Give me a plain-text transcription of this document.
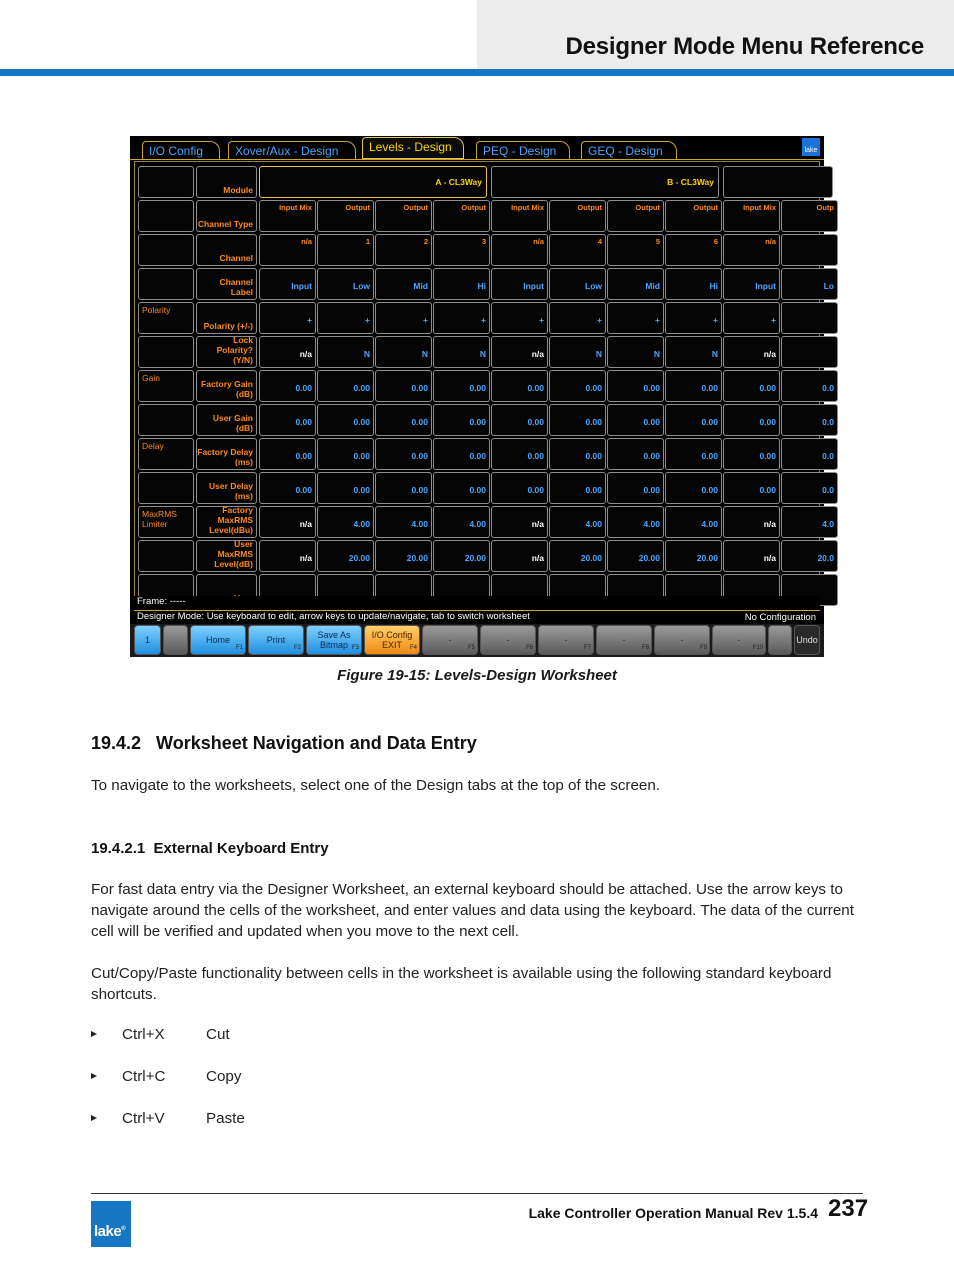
Designer Mode Menu Reference
I/O Config	Xover/Aux - Design	Levels - Design	PEQ - Design	GEQ - Design	lake
Module
A - CL3Way	B - CL3Way
Channel Type
Input Mix	Output	Output	Output	Input Mix	Output	Output	Output	Input Mix	Outp
Channel
n/a	1	2	3	n/a	4	5	6	n/a
Channel Label
Input	Low	Mid	Hi	Input	Low	Mid	Hi	Input	Lo
Polarity
Polarity (+/-)
+	+	+	+	+	+	+	+	+
Lock Polarity? (Y/N)
n/a	N	N	N	n/a	N	N	N	n/a
Gain
Factory Gain (dB)
0.00	0.00	0.00	0.00	0.00	0.00	0.00	0.00	0.00	0.0
User Gain (dB)
0.00	0.00	0.00	0.00	0.00	0.00	0.00	0.00	0.00	0.0
Delay
Factory Delay (ms)
0.00	0.00	0.00	0.00	0.00	0.00	0.00	0.00	0.00	0.0
User Delay (ms)
0.00	0.00	0.00	0.00	0.00	0.00	0.00	0.00	0.00	0.0
MaxRMS Limiter
Factory MaxRMS Level(dBu)
n/a	4.00	4.00	4.00	n/a	4.00	4.00	4.00	n/a	4.0
User MaxRMS Level(dB)
n/a	20.00	20.00	20.00	n/a	20.00	20.00	20.00	n/a	20.0
Frame: -----
Designer Mode: Use keyboard to edit, arrow keys to update/navigate, tab to switch worksheet	No Configuration
1	Home
F1
Print
F2
Save As Bitmap F3
I/O Config EXIT	F4
-
F5
-
F6
-
F7
-
F8
-
F9
-
F10
Undo
Figure 19-15: Levels-Design Worksheet
19.4.2   Worksheet Navigation and Data Entry
To navigate to the worksheets, select one of the Design tabs at the top of the screen.
19.4.2.1  External Keyboard Entry
For fast data entry via the Designer Worksheet, an external keyboard should be attached. Use the arrow keys to navigate around the cells of the worksheet, and enter values and data using the keyboard. The data of the current cell will be verified and updated when you move to the next cell.
Cut/Copy/Paste functionality between cells in the worksheet is available using the following standard keyboard shortcuts.
Ctrl+X	Cut
Ctrl+C	Copy
Ctrl+V	Paste
lake®
Lake Controller Operation Manual Rev 1.5.4 237
